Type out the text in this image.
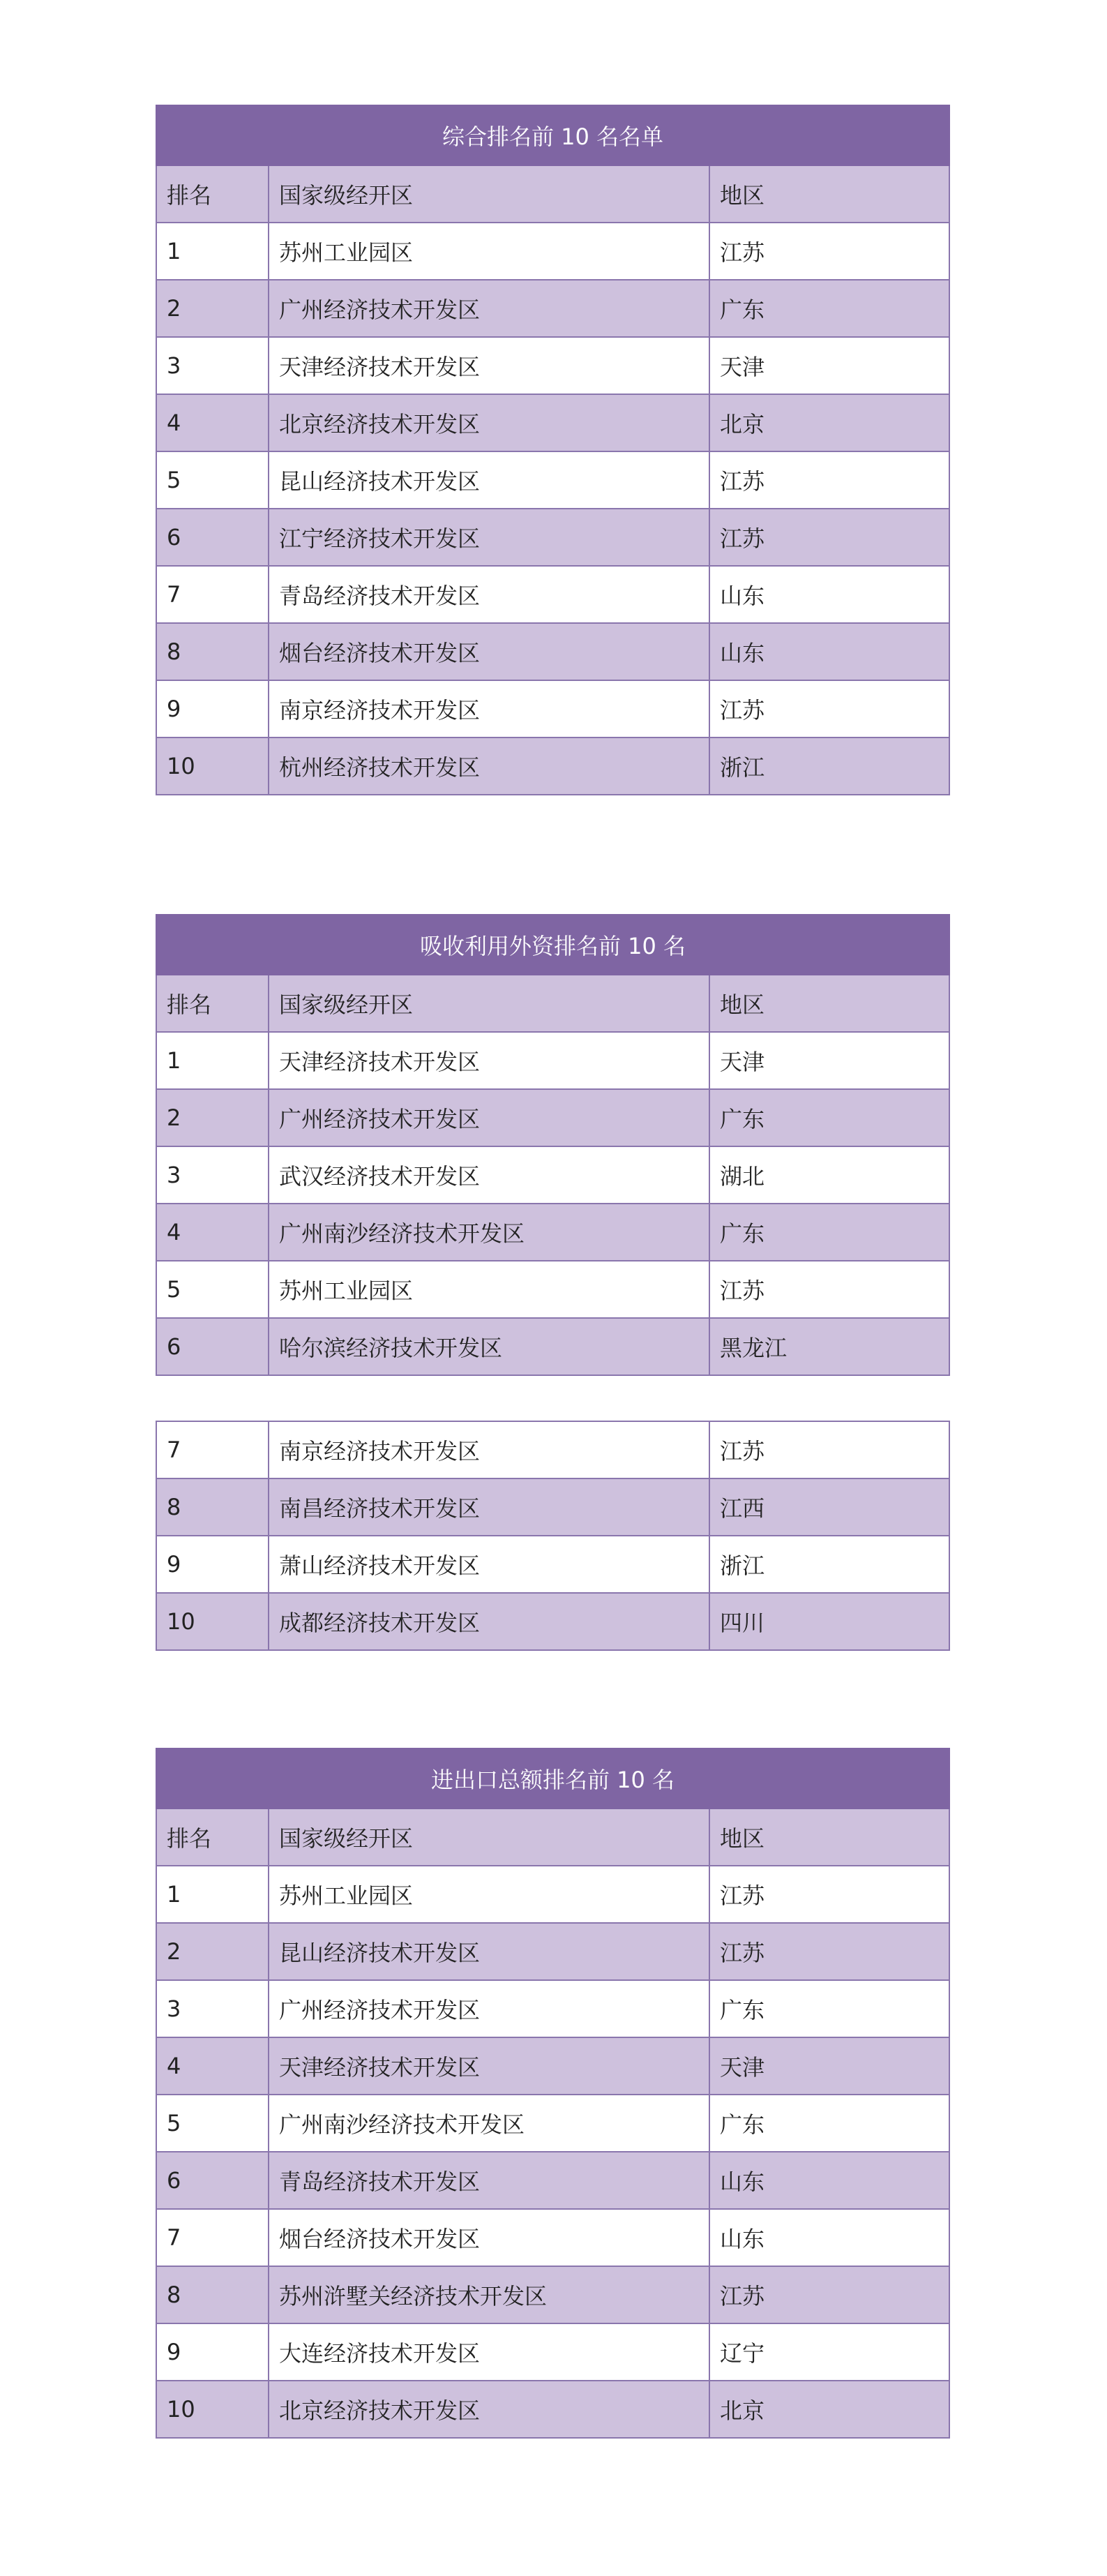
综合排名前 10 名名单		
排名	国家级经开区	地区
1	苏州工业园区	江苏
2	广州经济技术开发区	广东
3	天津经济技术开发区	天津
4	北京经济技术开发区	北京
5	昆山经济技术开发区	江苏
6	江宁经济技术开发区	江苏
7	青岛经济技术开发区	山东
8	烟台经济技术开发区	山东
9	南京经济技术开发区	江苏
10	杭州经济技术开发区	浙江
吸收利用外资排名前 10 名		
排名	国家级经开区	地区
1	天津经济技术开发区	天津
2	广州经济技术开发区	广东
3	武汉经济技术开发区	湖北
4	广州南沙经济技术开发区	广东
5	苏州工业园区	江苏
6	哈尔滨经济技术开发区	黑龙江
7	南京经济技术开发区	江苏
8	南昌经济技术开发区	江西
9	萧山经济技术开发区	浙江
10	成都经济技术开发区	四川
进出口总额排名前 10 名		
排名	国家级经开区	地区
1	苏州工业园区	江苏
2	昆山经济技术开发区	江苏
3	广州经济技术开发区	广东
4	天津经济技术开发区	天津
5	广州南沙经济技术开发区	广东
6	青岛经济技术开发区	山东
7	烟台经济技术开发区	山东
8	苏州浒墅关经济技术开发区	江苏
9	大连经济技术开发区	辽宁
10	北京经济技术开发区	北京
